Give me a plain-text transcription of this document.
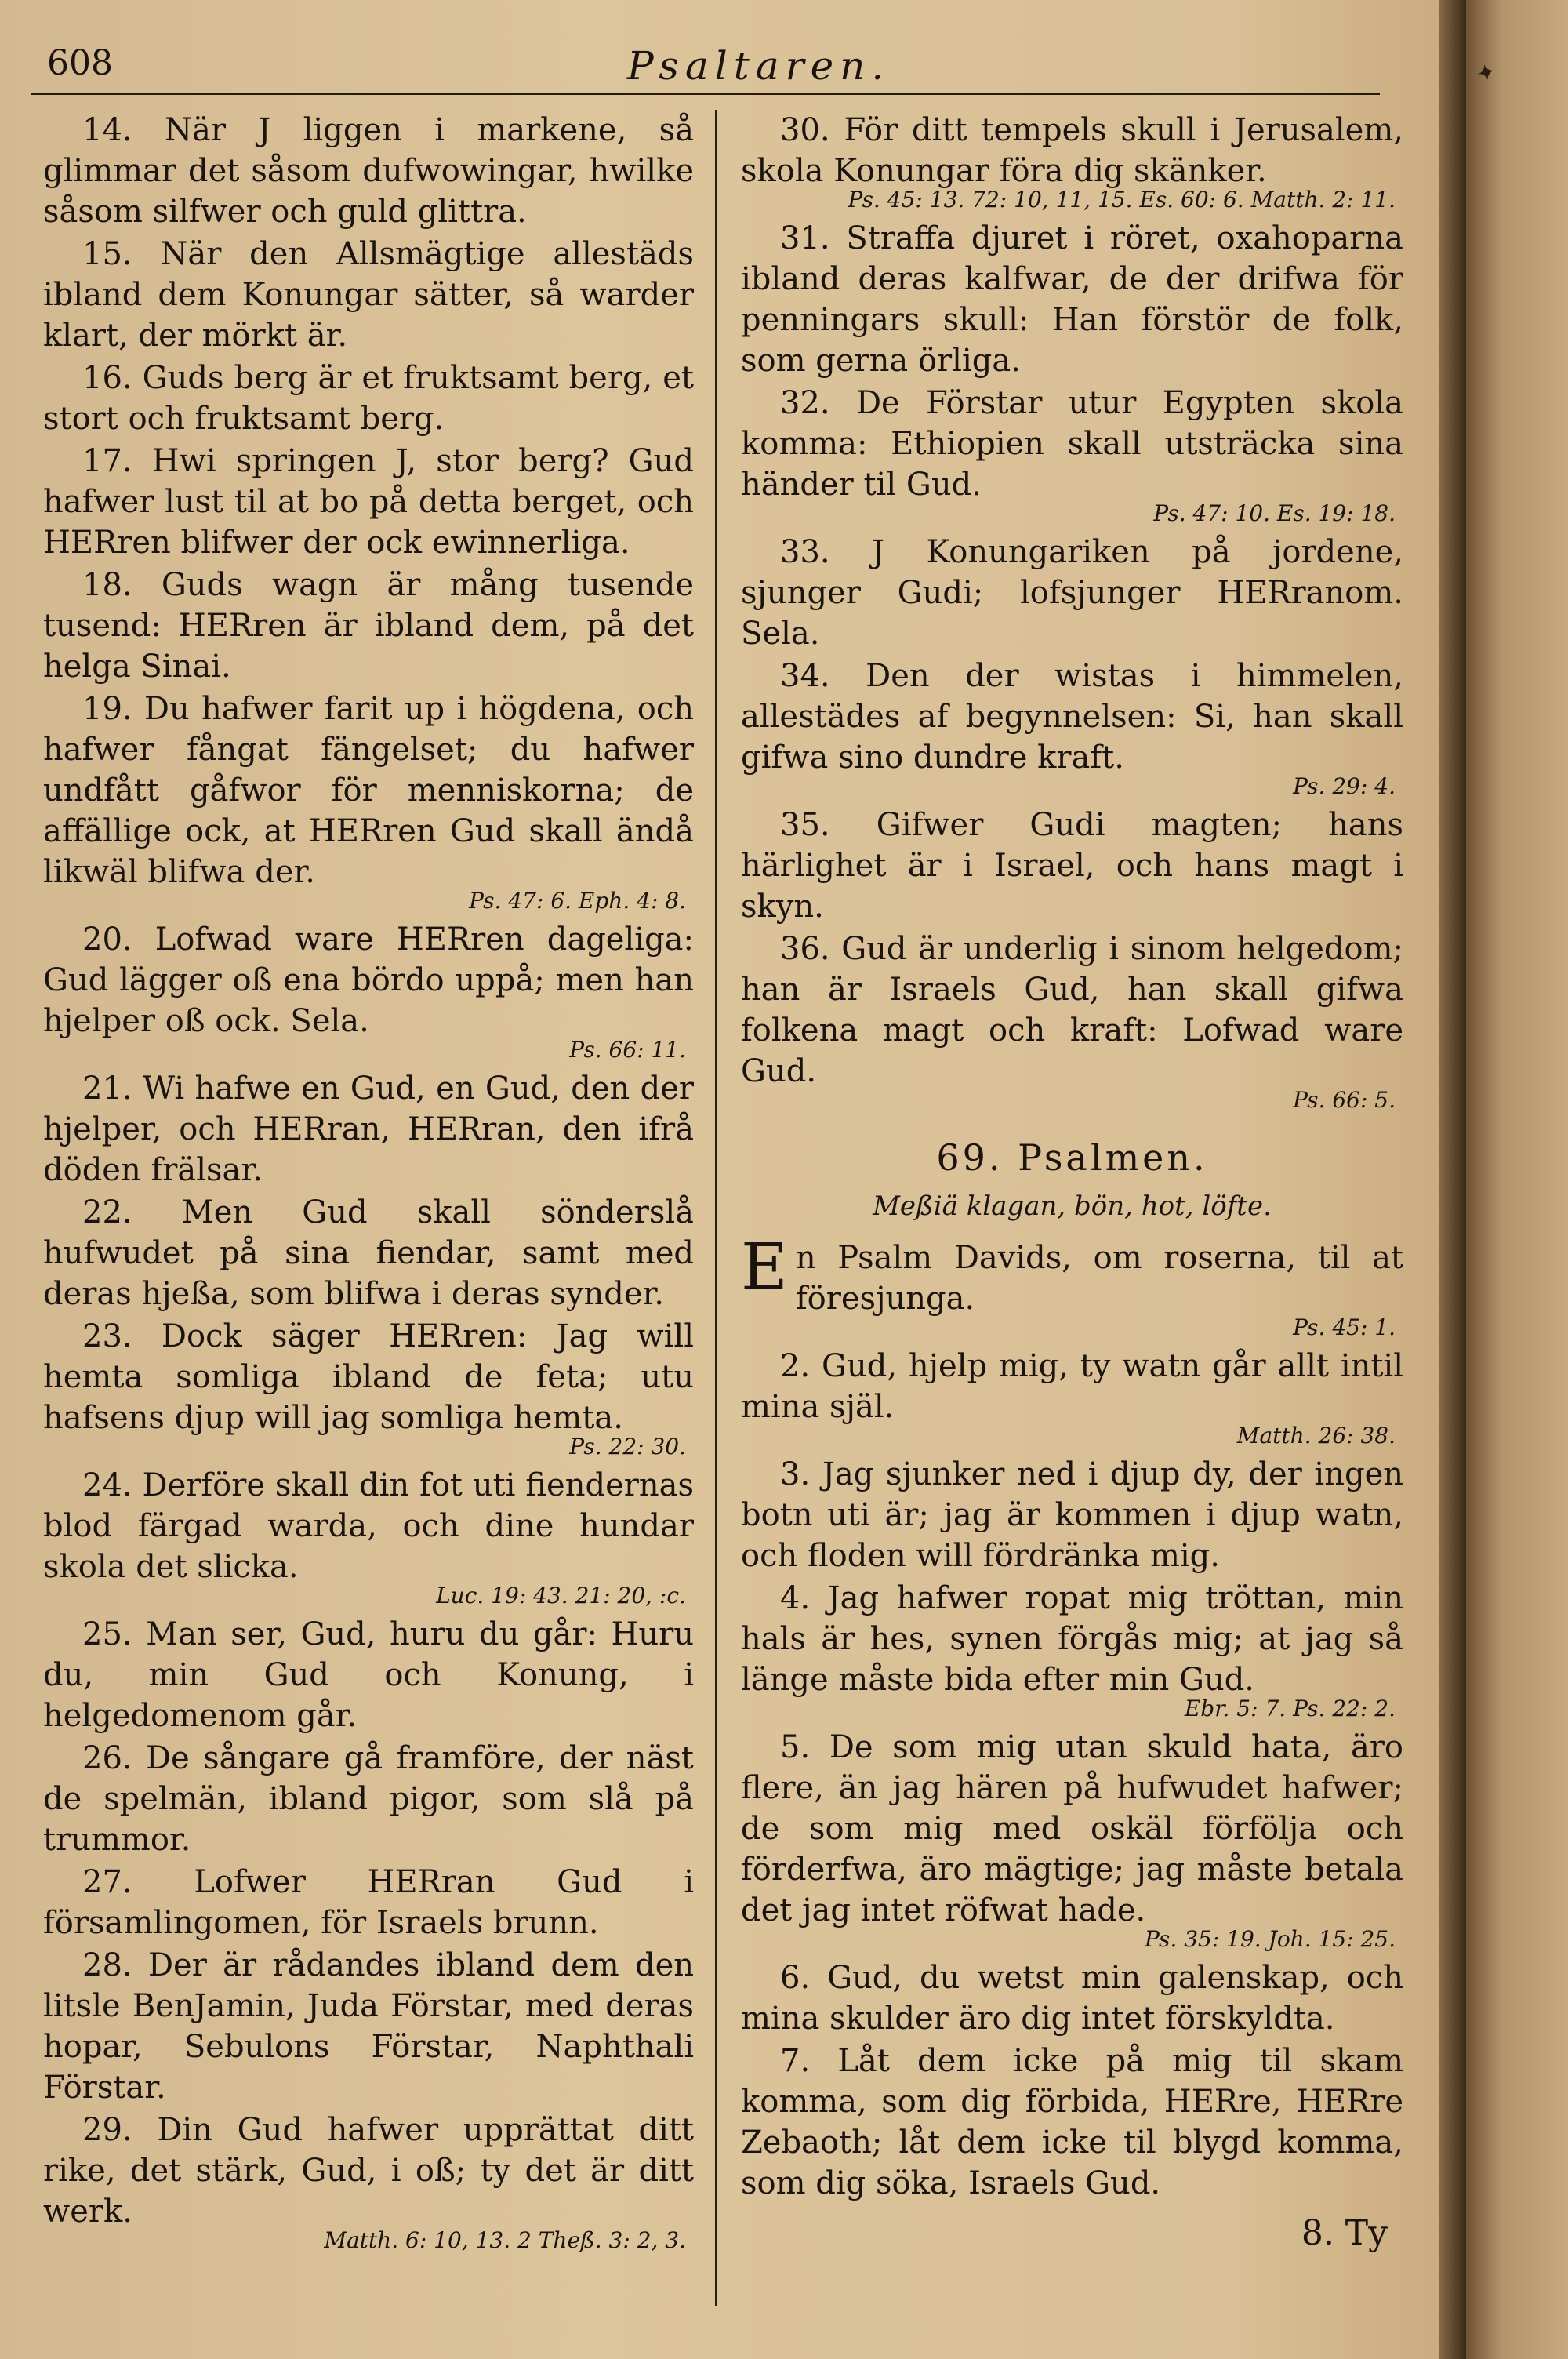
608	Psaltaren.
14. När J liggen i markene, så glimmar det såsom dufwowingar, hwilke såsom silfwer och guld glittra.
15. När den Allsmägtige allestäds ibland dem Konungar sätter, så warder klart, der mörkt är.
16. Guds berg är et fruktsamt berg, et stort och fruktsamt berg.
17. Hwi springen J, stor berg? Gud hafwer lust til at bo på detta berget, och HERren blifwer der ock ewinnerliga.
18. Guds wagn är mång tusende tusend: HERren är ibland dem, på det helga Sinai.
19. Du hafwer farit up i högdena, och hafwer fångat fängelset; du hafwer undfått gåfwor för menniskorna; de affällige ock, at HERren Gud skall ändå likwäl blifwa der.
Ps. 47: 6. Eph. 4: 8.
20. Lofwad ware HERren dageliga: Gud lägger oß ena bördo uppå; men han hjelper oß ock. Sela.
Ps. 66: 11.
21. Wi hafwe en Gud, en Gud, den der hjelper, och HERran, HERran, den ifrå döden frälsar.
22. Men Gud skall sönderslå hufwudet på sina fiendar, samt med deras hjeßa, som blifwa i deras synder.
23. Dock säger HERren: Jag will hemta somliga ibland de feta; utu hafsens djup will jag somliga hemta.
Ps. 22: 30.
24. Derföre skall din fot uti fiendernas blod färgad warda, och dine hundar skola det slicka.
Luc. 19: 43. 21: 20, :c.
25. Man ser, Gud, huru du går: Huru du, min Gud och Konung, i helgedomenom går.
26. De sångare gå framföre, der näst de spelmän, ibland pigor, som slå på trummor.
27. Lofwer HERran Gud i församlingomen, för Israels brunn.
28. Der är rådandes ibland dem den litsle BenJamin, Juda Förstar, med deras hopar, Sebulons Förstar, Naphthali Förstar.
29. Din Gud hafwer upprättat ditt rike, det stärk, Gud, i oß; ty det är ditt werk.
Matth. 6: 10, 13. 2 Theß. 3: 2, 3.
30. För ditt tempels skull i Jerusalem, skola Konungar föra dig skänker.
Ps. 45: 13. 72: 10, 11, 15. Es. 60: 6. Matth. 2: 11.
31. Straffa djuret i röret, oxahoparna ibland deras kalfwar, de der drifwa för penningars skull: Han förstör de folk, som gerna örliga.
32. De Förstar utur Egypten skola komma: Ethiopien skall utsträcka sina händer til Gud.
Ps. 47: 10. Es. 19: 18.
33. J Konungariken på jordene, sjunger Gudi; lofsjunger HERranom. Sela.
34. Den der wistas i himmelen, allestädes af begynnelsen: Si, han skall gifwa sino dundre kraft.
Ps. 29: 4.
35. Gifwer Gudi magten; hans härlighet är i Israel, och hans magt i skyn.
36. Gud är underlig i sinom helgedom; han är Israels Gud, han skall gifwa folkena magt och kraft: Lofwad ware Gud.
Ps. 66: 5.
69. Psalmen.
Meßiä klagan, bön, hot, löfte.
En Psalm Davids, om roserna, til at föresjunga.
Ps. 45: 1.
2. Gud, hjelp mig, ty watn går allt intil mina själ.
Matth. 26: 38.
3. Jag sjunker ned i djup dy, der ingen botn uti är; jag är kommen i djup watn, och floden will fördränka mig.
4. Jag hafwer ropat mig tröttan, min hals är hes, synen förgås mig; at jag så länge måste bida efter min Gud.
Ebr. 5: 7. Ps. 22: 2.
5. De som mig utan skuld hata, äro flere, än jag hären på hufwudet hafwer; de som mig med oskäl förfölja och förderfwa, äro mägtige; jag måste betala det jag intet röfwat hade.
Ps. 35: 19. Joh. 15: 25.
6. Gud, du wetst min galenskap, och mina skulder äro dig intet förskyldta.
7. Låt dem icke på mig til skam komma, som dig förbida, HERre, HERre Zebaoth; låt dem icke til blygd komma, som dig söka, Israels Gud.
8. Ty
✦
